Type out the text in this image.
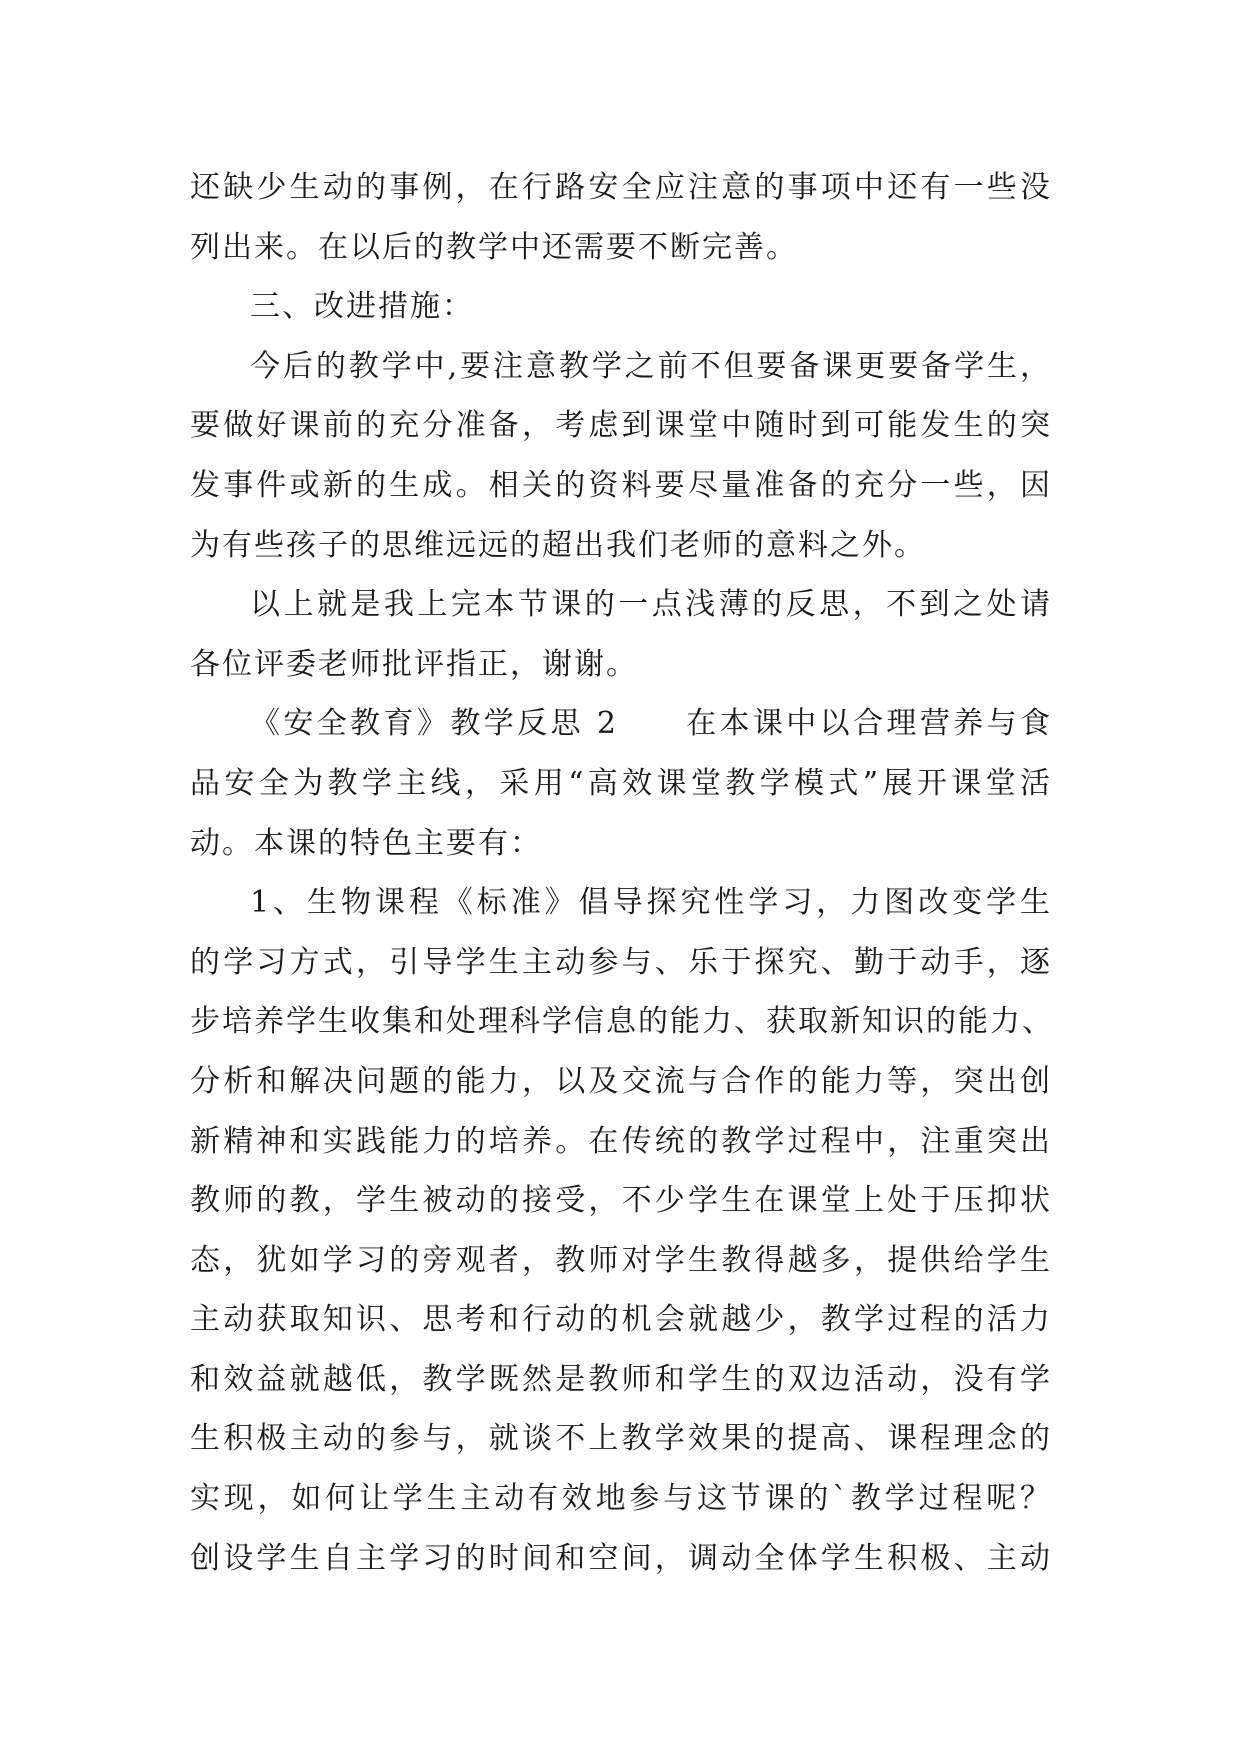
还缺少生动的事例，在行路安全应注意的事项中还有一些没
列出来。在以后的教学中还需要不断完善。
三、改进措施：
今后的教学中,要注意教学之前不但要备课更要备学生，
要做好课前的充分准备，考虑到课堂中随时到可能发生的突
发事件或新的生成。相关的资料要尽量准备的充分一些，因
为有些孩子的思维远远的超出我们老师的意料之外。
以上就是我上完本节课的一点浅薄的反思，不到之处请
各位评委老师批评指正，谢谢。
《安全教育》教学反思 2　　在本课中以合理营养与食
品安全为教学主线，采用“高效课堂教学模式”展开课堂活
动。本课的特色主要有：
1、生物课程《标准》倡导探究性学习，力图改变学生
的学习方式，引导学生主动参与、乐于探究、勤于动手，逐
步培养学生收集和处理科学信息的能力、获取新知识的能力、
分析和解决问题的能力，以及交流与合作的能力等，突出创
新精神和实践能力的培养。在传统的教学过程中，注重突出
教师的教，学生被动的接受，不少学生在课堂上处于压抑状
态，犹如学习的旁观者，教师对学生教得越多，提供给学生
主动获取知识、思考和行动的机会就越少，教学过程的活力
和效益就越低，教学既然是教师和学生的双边活动，没有学
生积极主动的参与，就谈不上教学效果的提高、课程理念的
实现，如何让学生主动有效地参与这节课的`教学过程呢？
创设学生自主学习的时间和空间，调动全体学生积极、主动
